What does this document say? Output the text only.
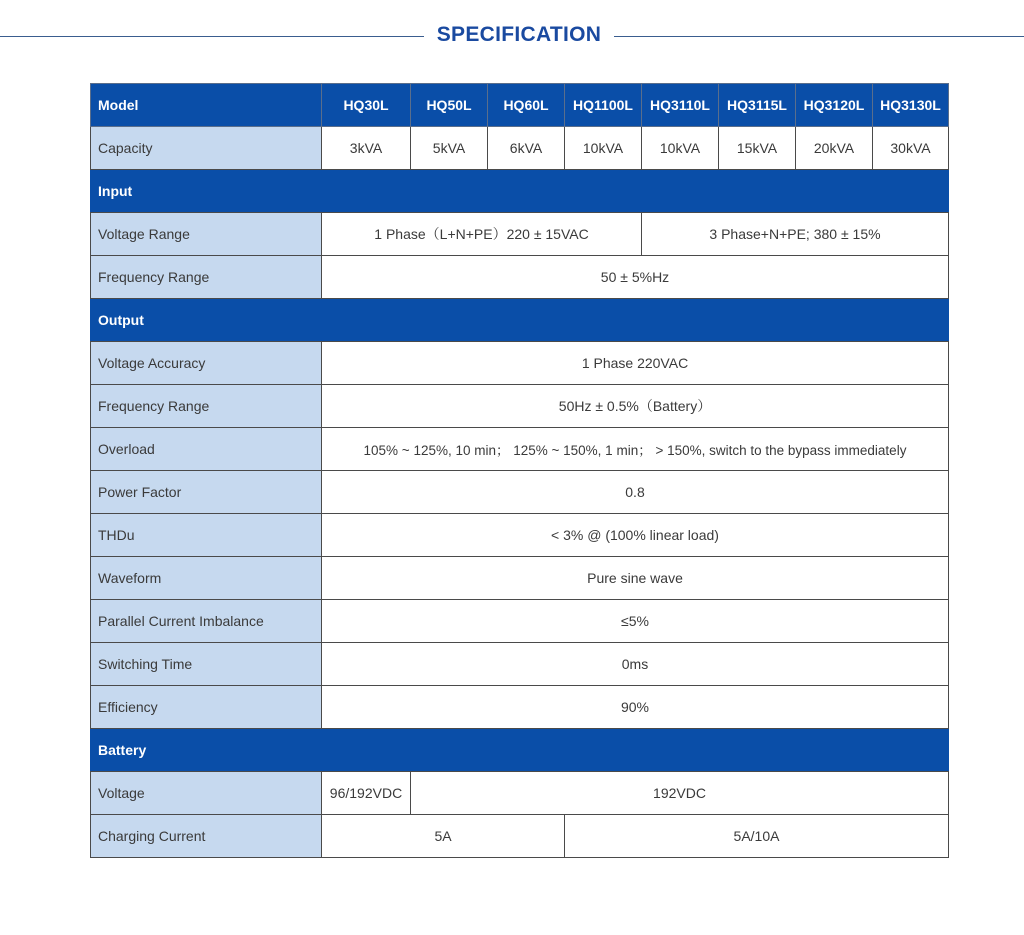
SPECIFICATION
Model	HQ30L	HQ50L	HQ60L	HQ1100L	HQ3110L	HQ3115L	HQ3120L	HQ3130L
Capacity	3kVA	5kVA	6kVA	10kVA	10kVA	15kVA	20kVA	30kVA
Input								
Voltage Range	1 Phase（L+N+PE）220 ± 15VAC				3 Phase+N+PE; 380 ± 15%			
Frequency Range	50 ± 5%Hz							
Output								
Voltage Accuracy	1 Phase 220VAC							
Frequency Range	50Hz ± 0.5%（Battery）							
Overload	105% ~ 125%, 10 min； 125% ~ 150%, 1 min； > 150%, switch to the bypass immediately							
Power Factor	0.8							
THDu	< 3% @ (100% linear load)							
Waveform	Pure sine wave							
Parallel Current Imbalance	≤5%							
Switching Time	0ms							
Efficiency	90%							
Battery								
Voltage	96/192VDC	192VDC						
Charging Current	5A			5A/10A				
